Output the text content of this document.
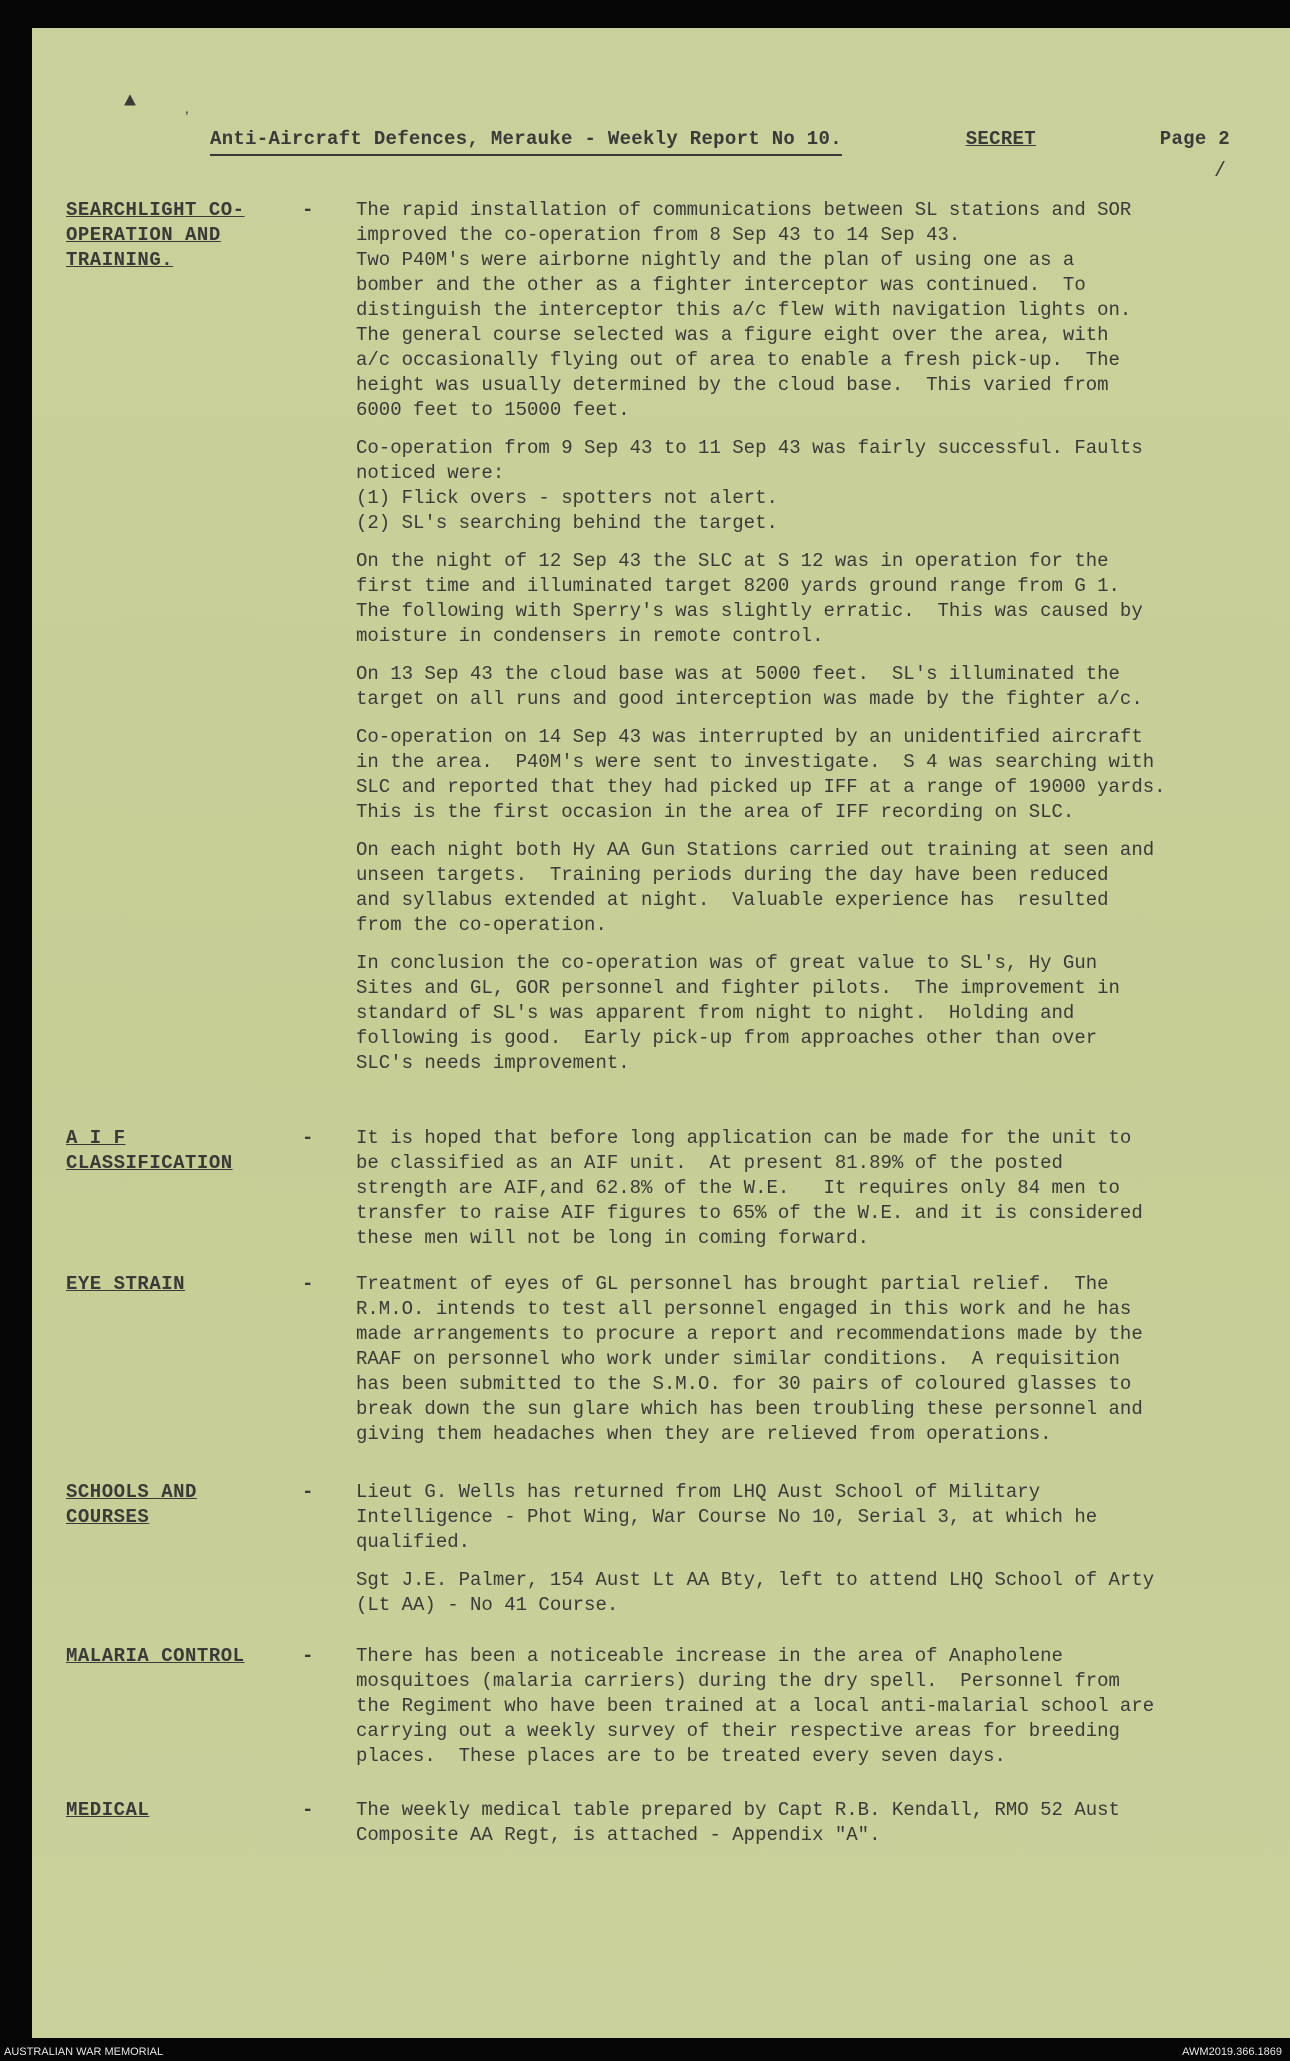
▲
ʼ
/
Anti-Aircraft Defences, Merauke - Weekly Report No 10.	SECRET	Page 2
SEARCHLIGHT CO-OPERATION AND TRAINING.
- The rapid installation of communications between SL stations and SOR
improved the co-operation from 8 Sep 43 to 14 Sep 43.
Two P40M's were airborne nightly and the plan of using one as a
bomber and the other as a fighter interceptor was continued.  To
distinguish the interceptor this a/c flew with navigation lights on.
The general course selected was a figure eight over the area, with
a/c occasionally flying out of area to enable a fresh pick-up.  The
height was usually determined by the cloud base.  This varied from
6000 feet to 15000 feet.

Co-operation from 9 Sep 43 to 11 Sep 43 was fairly successful. Faults
noticed were:
(1) Flick overs - spotters not alert.
(2) SL's searching behind the target.

On the night of 12 Sep 43 the SLC at S 12 was in operation for the
first time and illuminated target 8200 yards ground range from G 1.
The following with Sperry's was slightly erratic.  This was caused by
moisture in condensers in remote control.

On 13 Sep 43 the cloud base was at 5000 feet.  SL's illuminated the
target on all runs and good interception was made by the fighter a/c.

Co-operation on 14 Sep 43 was interrupted by an unidentified aircraft
in the area.  P40M's were sent to investigate.  S 4 was searching with
SLC and reported that they had picked up IFF at a range of 19000 yards.
This is the first occasion in the area of IFF recording on SLC.

On each night both Hy AA Gun Stations carried out training at seen and
unseen targets.  Training periods during the day have been reduced
and syllabus extended at night.  Valuable experience has  resulted
from the co-operation.

In conclusion the co-operation was of great value to SL's, Hy Gun
Sites and GL, GOR personnel and fighter pilots.  The improvement in
standard of SL's was apparent from night to night.  Holding and
following is good.  Early pick-up from approaches other than over
SLC's needs improvement.

A I F CLASSIFICATION
- It is hoped that before long application can be made for the unit to
be classified as an AIF unit.  At present 81.89% of the posted
strength are AIF,and 62.8% of the W.E.   It requires only 84 men to
transfer to raise AIF figures to 65% of the W.E. and it is considered
these men will not be long in coming forward.

EYE STRAIN	- Treatment of eyes of GL personnel has brought partial relief.  The
R.M.O. intends to test all personnel engaged in this work and he has
made arrangements to procure a report and recommendations made by the
RAAF on personnel who work under similar conditions.  A requisition
has been submitted to the S.M.O. for 30 pairs of coloured glasses to
break down the sun glare which has been troubling these personnel and
giving them headaches when they are relieved from operations.

SCHOOLS AND COURSES
- Lieut G. Wells has returned from LHQ Aust School of Military
Intelligence - Phot Wing, War Course No 10, Serial 3, at which he
qualified.

Sgt J.E. Palmer, 154 Aust Lt AA Bty, left to attend LHQ School of Arty
(Lt AA) - No 41 Course.

MALARIA CONTROL	- There has been a noticeable increase in the area of Anapholene
mosquitoes (malaria carriers) during the dry spell.  Personnel from
the Regiment who have been trained at a local anti-malarial school are
carrying out a weekly survey of their respective areas for breeding
places.  These places are to be treated every seven days.

MEDICAL	- The weekly medical table prepared by Capt R.B. Kendall, RMO 52 Aust
Composite AA Regt, is attached - Appendix "A".

AUSTRALIAN WAR MEMORIAL	AWM2019.366.1869
